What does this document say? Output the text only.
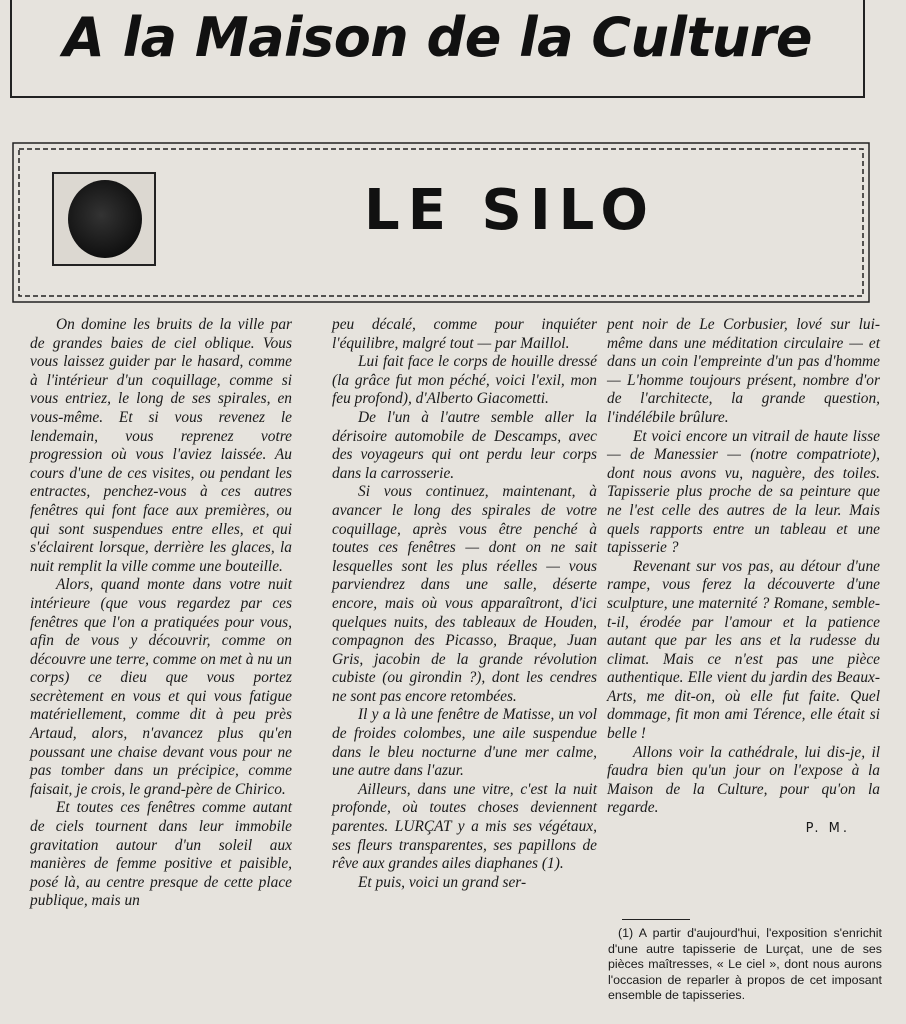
A la Maison de la Culture
LE SILO

On domine les bruits de la ville par de grandes baies de ciel oblique. Vous vous laissez guider par le hasard, comme à l'intérieur d'un coquillage, comme si vous entriez, le long de ses spirales, en vous-même. Et si vous revenez le lendemain, vous reprenez votre progression où vous l'aviez laissée. Au cours d'une de ces visites, ou pendant les entractes, penchez-vous à ces autres fenêtres qui font face aux premières, ou qui sont suspendues entre elles, et qui s'éclairent lorsque, derrière les glaces, la nuit remplit la ville comme une bouteille.

Alors, quand monte dans votre nuit intérieure (que vous regardez par ces fenêtres que l'on a pratiquées pour vous, afin de vous y découvrir, comme on découvre une terre, comme on met à nu un corps) ce dieu que vous portez secrètement en vous et qui vous fatigue matériellement, comme dit à peu près Artaud, alors, n'avancez plus qu'en poussant une chaise devant vous pour ne pas tomber dans un précipice, comme faisait, je crois, le grand-père de Chirico.

Et toutes ces fenêtres comme autant de ciels tournent dans leur immobile gravitation autour d'un soleil aux manières de femme positive et paisible, posé là, au centre presque de cette place publique, mais un

peu décalé, comme pour inquiéter l'équilibre, malgré tout — par Maillol.

Lui fait face le corps de houille dressé (la grâce fut mon péché, voici l'exil, mon feu profond), d'Alberto Giacometti.

De l'un à l'autre semble aller la dérisoire automobile de Descamps, avec des voyageurs qui ont perdu leur corps dans la carrosserie.

Si vous continuez, maintenant, à avancer le long des spirales de votre coquillage, après vous être penché à toutes ces fenêtres — dont on ne sait lesquelles sont les plus réelles — vous parviendrez dans une salle, déserte encore, mais où vous apparaîtront, d'ici quelques nuits, des tableaux de Houden, compagnon des Picasso, Braque, Juan Gris, jacobin de la grande révolution cubiste (ou girondin ?), dont les cendres ne sont pas encore retombées.

Il y a là une fenêtre de Matisse, un vol de froides colombes, une aile suspendue dans le bleu nocturne d'une mer calme, une autre dans l'azur.

Ailleurs, dans une vitre, c'est la nuit profonde, où toutes choses deviennent parentes. LURÇAT y a mis ses végétaux, ses fleurs transparentes, ses papillons de rêve aux grandes ailes diaphanes (1).

Et puis, voici un grand ser-

pent noir de Le Corbusier, lové sur lui-même dans une méditation circulaire — et dans un coin l'empreinte d'un pas d'homme — L'homme toujours présent, nombre d'or de l'architecte, la grande question, l'indélébile brûlure.

Et voici encore un vitrail de haute lisse — de Manessier — (notre compatriote), dont nous avons vu, naguère, des toiles. Tapisserie plus proche de sa peinture que ne l'est celle des autres de la leur. Mais quels rapports entre un tableau et une tapisserie ?

Revenant sur vos pas, au détour d'une rampe, vous ferez la découverte d'une sculpture, une maternité ? Romane, semble-t-il, érodée par l'amour et la patience autant que par les ans et la rudesse du climat. Mais ce n'est pas une pièce authentique. Elle vient du jardin des Beaux-Arts, me dit-on, où elle fut faite. Quel dommage, fit mon ami Térence, elle était si belle !

Allons voir la cathédrale, lui dis-je, il faudra bien qu'un jour on l'expose à la Maison de la Culture, pour qu'on la regarde.

P. M.

(1) A partir d'aujourd'hui, l'exposition s'enrichit d'une autre tapisserie de Lurçat, une de ses pièces maîtresses, « Le ciel », dont nous aurons l'occasion de reparler à propos de cet imposant ensemble de tapisseries.
